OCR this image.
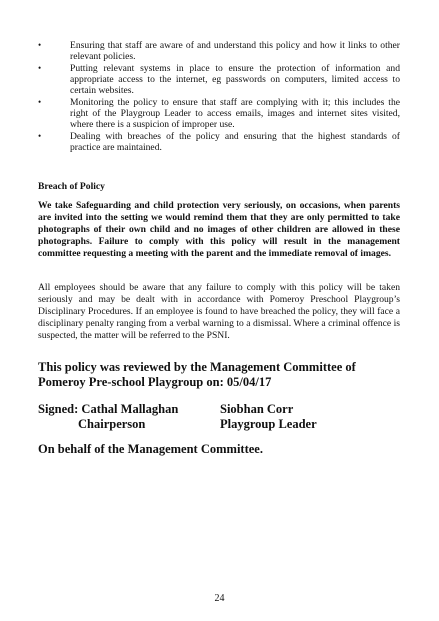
•	Ensuring that staff are aware of and understand this policy and how it links to other relevant policies.
•	Putting relevant systems in place to ensure the protection of information and appropriate access to the internet, eg passwords on computers, limited access to certain websites.
•	Monitoring the policy to ensure that staff are complying with it; this includes the right of the Playgroup Leader to access emails, images and internet sites visited, where there is a suspicion of improper use.
•	Dealing with breaches of the policy and ensuring that the highest standards of practice are maintained.
Breach of Policy

We take Safeguarding and child protection very seriously, on occasions, when parents are invited into the setting we would remind them that they are only permitted to take photographs of their own child and no images of other children are allowed in these photographs. Failure to comply with this policy will result in the management committee requesting a meeting with the parent and the immediate removal of images.

All employees should be aware that any failure to comply with this policy will be taken seriously and may be dealt with in accordance with Pomeroy Preschool Playgroup’s Disciplinary Procedures. If an employee is found to have breached the policy, they will face a disciplinary penalty ranging from a verbal warning to a dismissal. Where a criminal offence is suspected, the matter will be referred to the PSNI.

This policy was reviewed by the Management Committee of Pomeroy Pre-school Playgroup on: 05/04/17

Signed: Cathal Mallaghan
Chairperson
Siobhan Corr
Playgroup Leader
On behalf of the Management Committee.
24
